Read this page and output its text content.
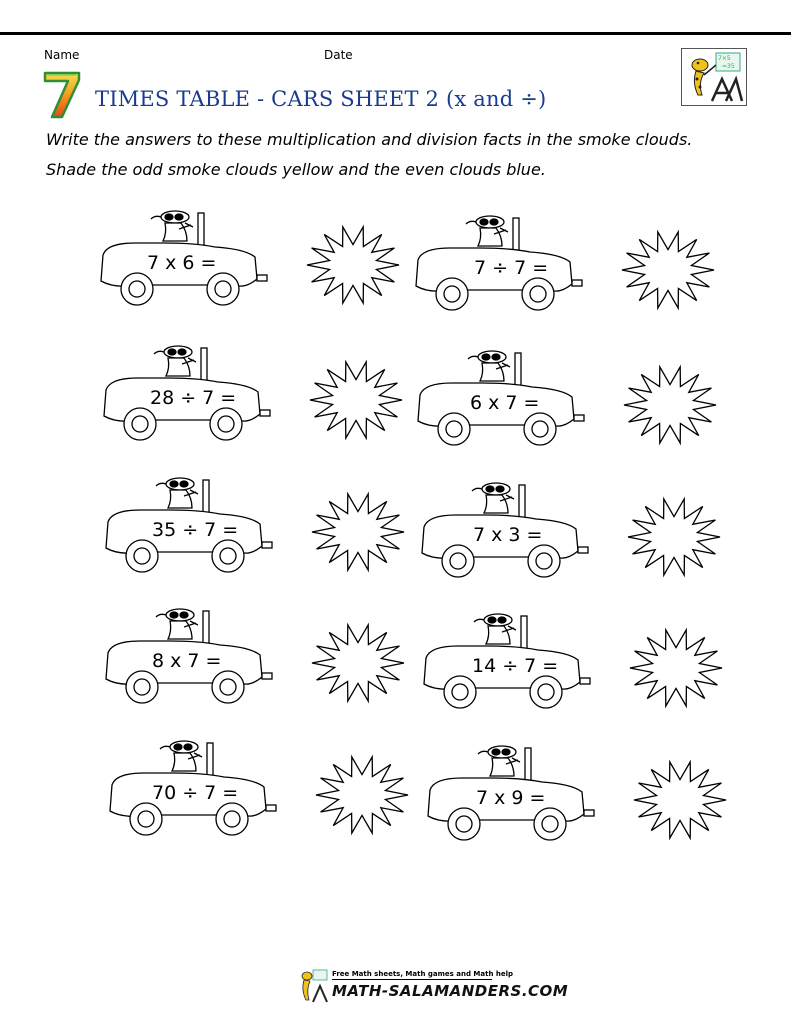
Name	Date
TIMES TABLE - CARS SHEET 2 (x and ÷)
7×5
=35
Write the answers to these multiplication and division facts in the smoke clouds.
Shade the odd smoke clouds yellow and the even clouds blue.
7 x 6 =	7 ÷ 7 =
28 ÷ 7 =	6 x 7 =
35 ÷ 7 =	7 x 3 =
8 x 7 =	14 ÷ 7 =
70 ÷ 7 =	7 x 9 =
Free Math sheets, Math games and Math help
MATH-SALAMANDERS.COM
